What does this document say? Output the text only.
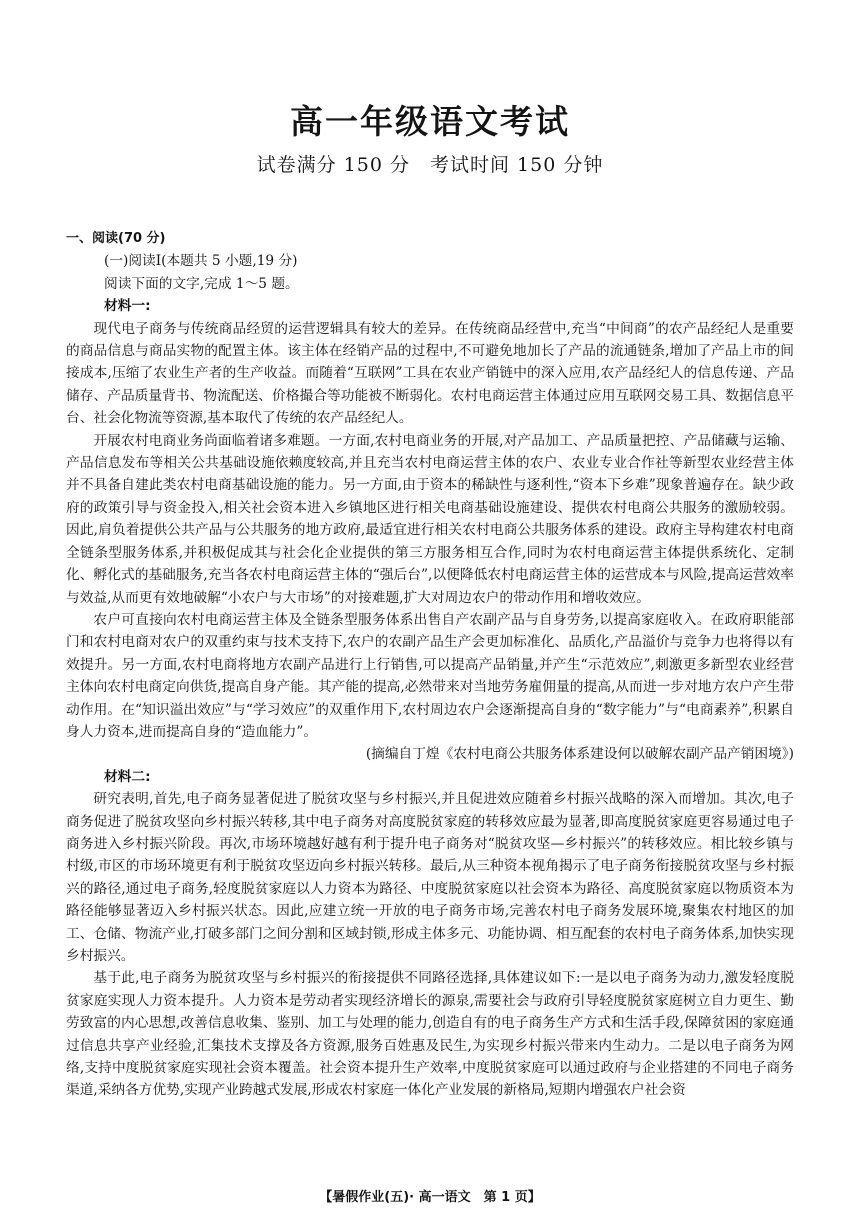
高一年级语文考试
试卷满分 150 分　考试时间 150 分钟

一、阅读(70 分)

(一)阅读Ⅰ(本题共 5 小题,19 分)

阅读下面的文字,完成 1～5 题。

材料一:

现代电子商务与传统商品经贸的运营逻辑具有较大的差异。在传统商品经营中,充当“中间商”的农产品经纪人是重要的商品信息与商品实物的配置主体。该主体在经销产品的过程中,不可避免地加长了产品的流通链条,增加了产品上市的间接成本,压缩了农业生产者的生产收益。而随着“互联网”工具在农业产销链中的深入应用,农产品经纪人的信息传递、产品储存、产品质量背书、物流配送、价格撮合等功能被不断弱化。农村电商运营主体通过应用互联网交易工具、数据信息平台、社会化物流等资源,基本取代了传统的农产品经纪人。

开展农村电商业务尚面临着诸多难题。一方面,农村电商业务的开展,对产品加工、产品质量把控、产品储藏与运输、产品信息发布等相关公共基础设施依赖度较高,并且充当农村电商运营主体的农户、农业专业合作社等新型农业经营主体并不具备自建此类农村电商基础设施的能力。另一方面,由于资本的稀缺性与逐利性,“资本下乡难”现象普遍存在。缺少政府的政策引导与资金投入,相关社会资本进入乡镇地区进行相关电商基础设施建设、提供农村电商公共服务的激励较弱。因此,肩负着提供公共产品与公共服务的地方政府,最适宜进行相关农村电商公共服务体系的建设。政府主导构建农村电商全链条型服务体系,并积极促成其与社会化企业提供的第三方服务相互合作,同时为农村电商运营主体提供系统化、定制化、孵化式的基础服务,充当各农村电商运营主体的“强后台”,以便降低农村电商运营主体的运营成本与风险,提高运营效率与效益,从而更有效地破解“小农户与大市场”的对接难题,扩大对周边农户的带动作用和增收效应。

农户可直接向农村电商运营主体及全链条型服务体系出售自产农副产品与自身劳务,以提高家庭收入。在政府职能部门和农村电商对农户的双重约束与技术支持下,农户的农副产品生产会更加标准化、品质化,产品溢价与竞争力也将得以有效提升。另一方面,农村电商将地方农副产品进行上行销售,可以提高产品销量,并产生“示范效应”,刺激更多新型农业经营主体向农村电商定向供货,提高自身产能。其产能的提高,必然带来对当地劳务雇佣量的提高,从而进一步对地方农户产生带动作用。在“知识溢出效应”与“学习效应”的双重作用下,农村周边农户会逐渐提高自身的“数字能力”与“电商素养”,积累自身人力资本,进而提高自身的“造血能力”。

(摘编自丁煌《农村电商公共服务体系建设何以破解农副产品产销困境》)

材料二:

研究表明,首先,电子商务显著促进了脱贫攻坚与乡村振兴,并且促进效应随着乡村振兴战略的深入而增加。其次,电子商务促进了脱贫攻坚向乡村振兴转移,其中电子商务对高度脱贫家庭的转移效应最为显著,即高度脱贫家庭更容易通过电子商务进入乡村振兴阶段。再次,市场环境越好越有利于提升电子商务对“脱贫攻坚—乡村振兴”的转移效应。相比较乡镇与村级,市区的市场环境更有利于脱贫攻坚迈向乡村振兴转移。最后,从三种资本视角揭示了电子商务衔接脱贫攻坚与乡村振兴的路径,通过电子商务,轻度脱贫家庭以人力资本为路径、中度脱贫家庭以社会资本为路径、高度脱贫家庭以物质资本为路径能够显著迈入乡村振兴状态。因此,应建立统一开放的电子商务市场,完善农村电子商务发展环境,聚集农村地区的加工、仓储、物流产业,打破多部门之间分割和区域封锁,形成主体多元、功能协调、相互配套的农村电子商务体系,加快实现乡村振兴。

基于此,电子商务为脱贫攻坚与乡村振兴的衔接提供不同路径选择,具体建议如下:一是以电子商务为动力,激发轻度脱贫家庭实现人力资本提升。人力资本是劳动者实现经济增长的源泉,需要社会与政府引导轻度脱贫家庭树立自力更生、勤劳致富的内心思想,改善信息收集、鉴别、加工与处理的能力,创造自有的电子商务生产方式和生活手段,保障贫困的家庭通过信息共享产业经验,汇集技术支撑及各方资源,服务百姓惠及民生,为实现乡村振兴带来内生动力。二是以电子商务为网络,支持中度脱贫家庭实现社会资本覆盖。社会资本提升生产效率,中度脱贫家庭可以通过政府与企业搭建的不同电子商务渠道,采纳各方优势,实现产业跨越式发展,形成农村家庭一体化产业发展的新格局,短期内增强农户社会资

【暑假作业(五)· 高一语文　第 1 页】
